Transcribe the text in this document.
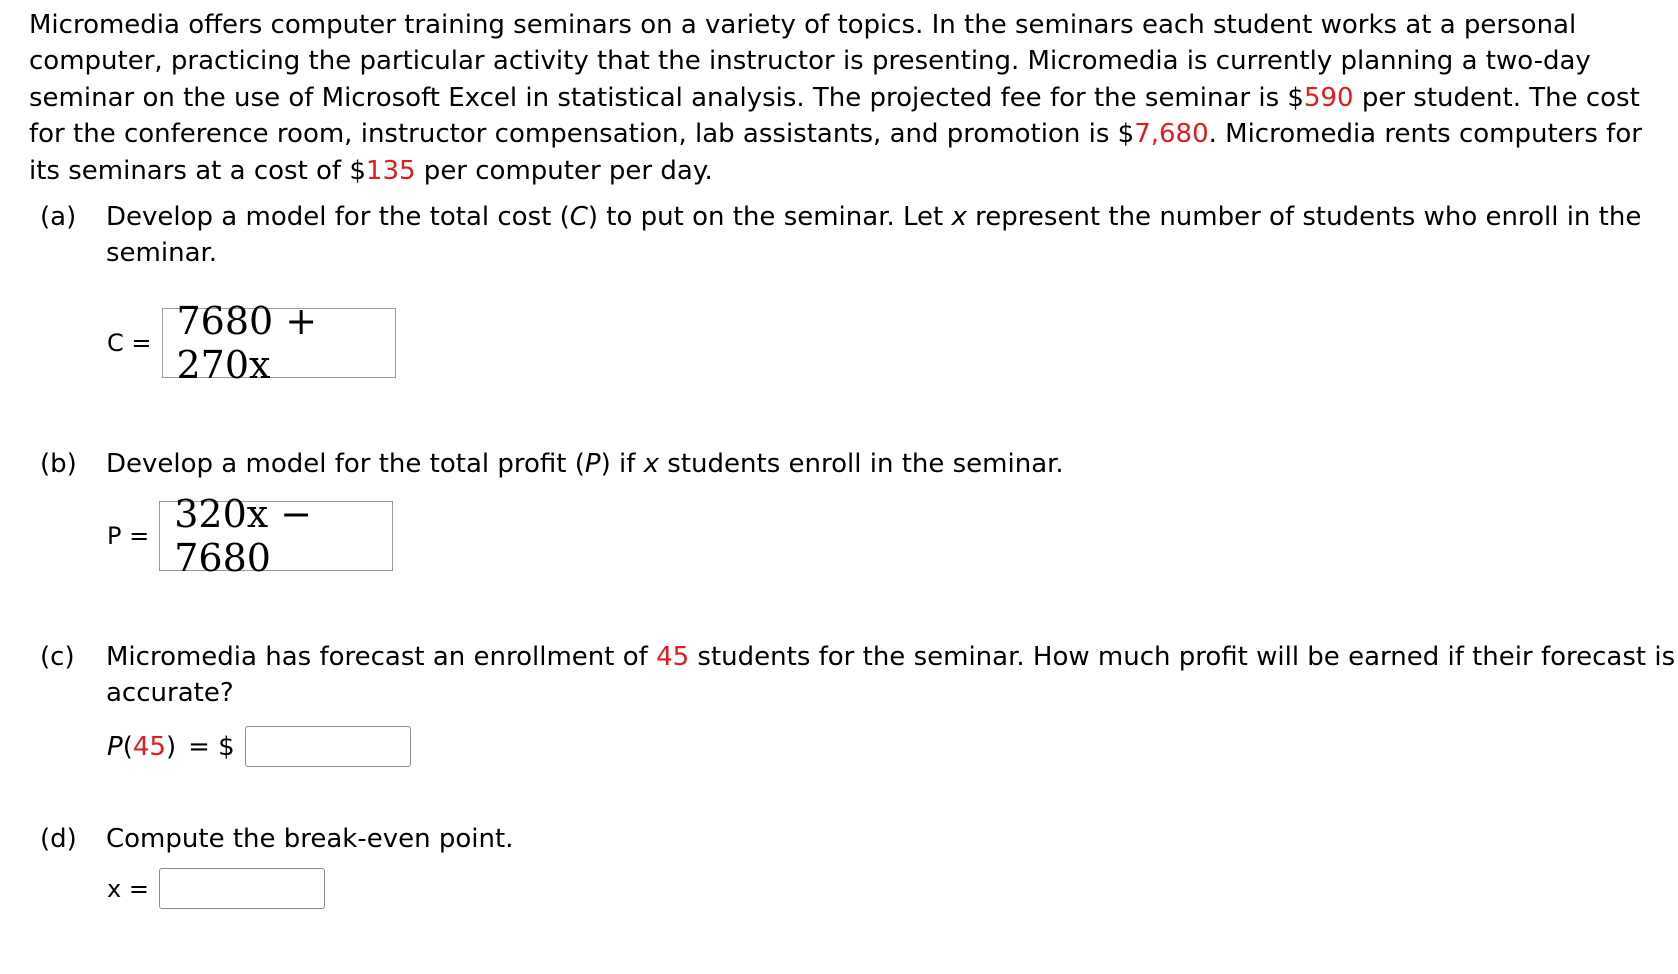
Micromedia offers computer training seminars on a variety of topics. In the seminars each student works at a personal computer, practicing the particular activity that the instructor is presenting. Micromedia is currently planning a two-day seminar on the use of Microsoft Excel in statistical analysis. The projected fee for the seminar is $590 per student. The cost for the conference room, instructor compensation, lab assistants, and promotion is $7,680. Micromedia rents computers for its seminars at a cost of $135 per computer per day.
(a) Develop a model for the total cost (C) to put on the seminar. Let x represent the number of students who enroll in the seminar.
C = 7680 + 270x
(b) Develop a model for the total profit (P) if x students enroll in the seminar.
P = 320x − 7680
(c) Micromedia has forecast an enrollment of 45 students for the seminar. How much profit will be earned if their forecast is accurate?
P(45) = $
(d) Compute the break-even point.
x =
